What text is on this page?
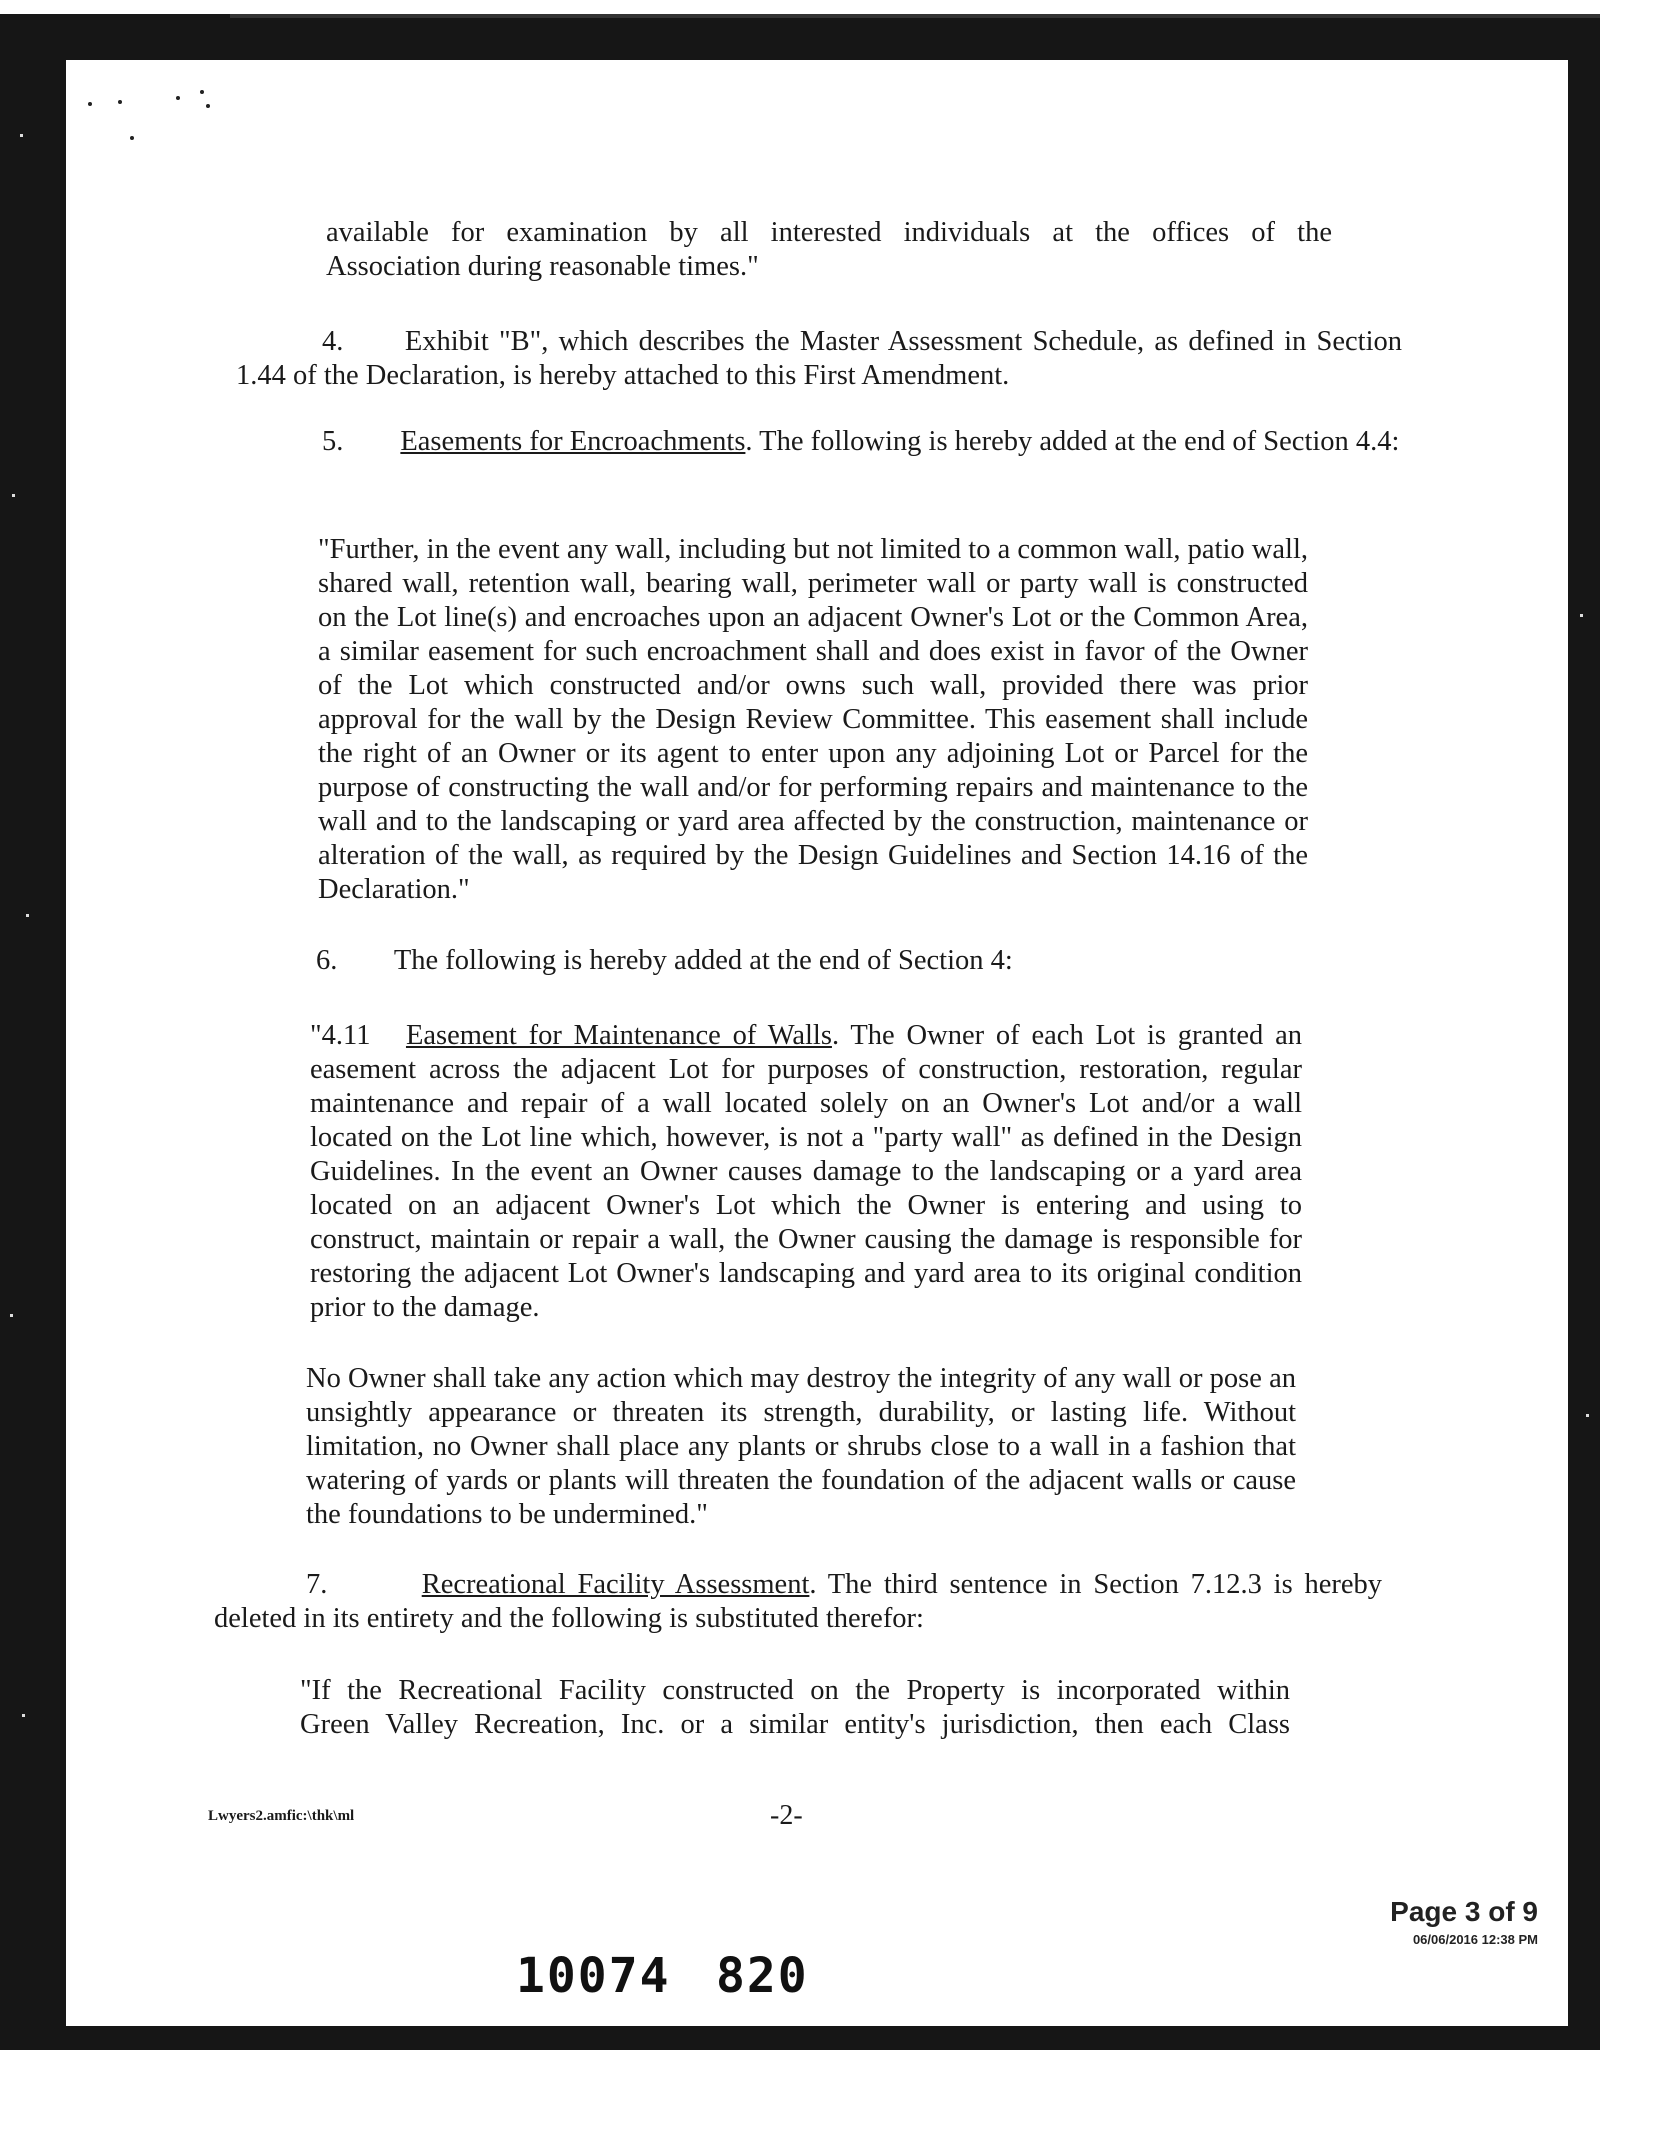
available for examination by all interested individuals at the offices of the

Association during reasonable times."

4. Exhibit "B", which describes the Master Assessment Schedule, as defined in Section 1.44 of the Declaration, is hereby attached to this First Amendment.
5. Easements for Encroachments. The following is hereby added at the end of Section 4.4:

"Further, in the event any wall, including but not limited to a common wall, patio wall, shared wall, retention wall, bearing wall, perimeter wall or party wall is constructed on the Lot line(s) and encroaches upon an adjacent Owner's Lot or the Common Area, a similar easement for such encroachment shall and does exist in favor of the Owner of the Lot which constructed and/or owns such wall, provided there was prior approval for the wall by the Design Review Committee. This easement shall include the right of an Owner or its agent to enter upon any adjoining Lot or Parcel for the purpose of constructing the wall and/or for performing repairs and maintenance to the wall and to the landscaping or yard area affected by the construction, maintenance or alteration of the wall, as required by the Design Guidelines and Section 14.16 of the Declaration."

6. The following is hereby added at the end of Section 4:

"4.11 Easement for Maintenance of Walls. The Owner of each Lot is granted an easement across the adjacent Lot for purposes of construction, restoration, regular maintenance and repair of a wall located solely on an Owner's Lot and/or a wall located on the Lot line which, however, is not a "party wall" as defined in the Design Guidelines. In the event an Owner causes damage to the landscaping or a yard area located on an adjacent Owner's Lot which the Owner is entering and using to construct, maintain or repair a wall, the Owner causing the damage is responsible for restoring the adjacent Lot Owner's landscaping and yard area to its original condition prior to the damage.

No Owner shall take any action which may destroy the integrity of any wall or pose an unsightly appearance or threaten its strength, durability, or lasting life. Without limitation, no Owner shall place any plants or shrubs close to a wall in a fashion that watering of yards or plants will threaten the foundation of the adjacent walls or cause the foundations to be undermined."

7.	Recreational Facility Assessment. The third sentence in Section 7.12.3 is hereby deleted in its entirety and the following is substituted therefor:

"If the Recreational Facility constructed on the Property is incorporated within

Green Valley Recreation, Inc. or a similar entity's jurisdiction, then each Class

Lwyers2.amfic:\thk\ml	-2-
Page 3 of 9
06/06/2016 12:38 PM
10074 820
